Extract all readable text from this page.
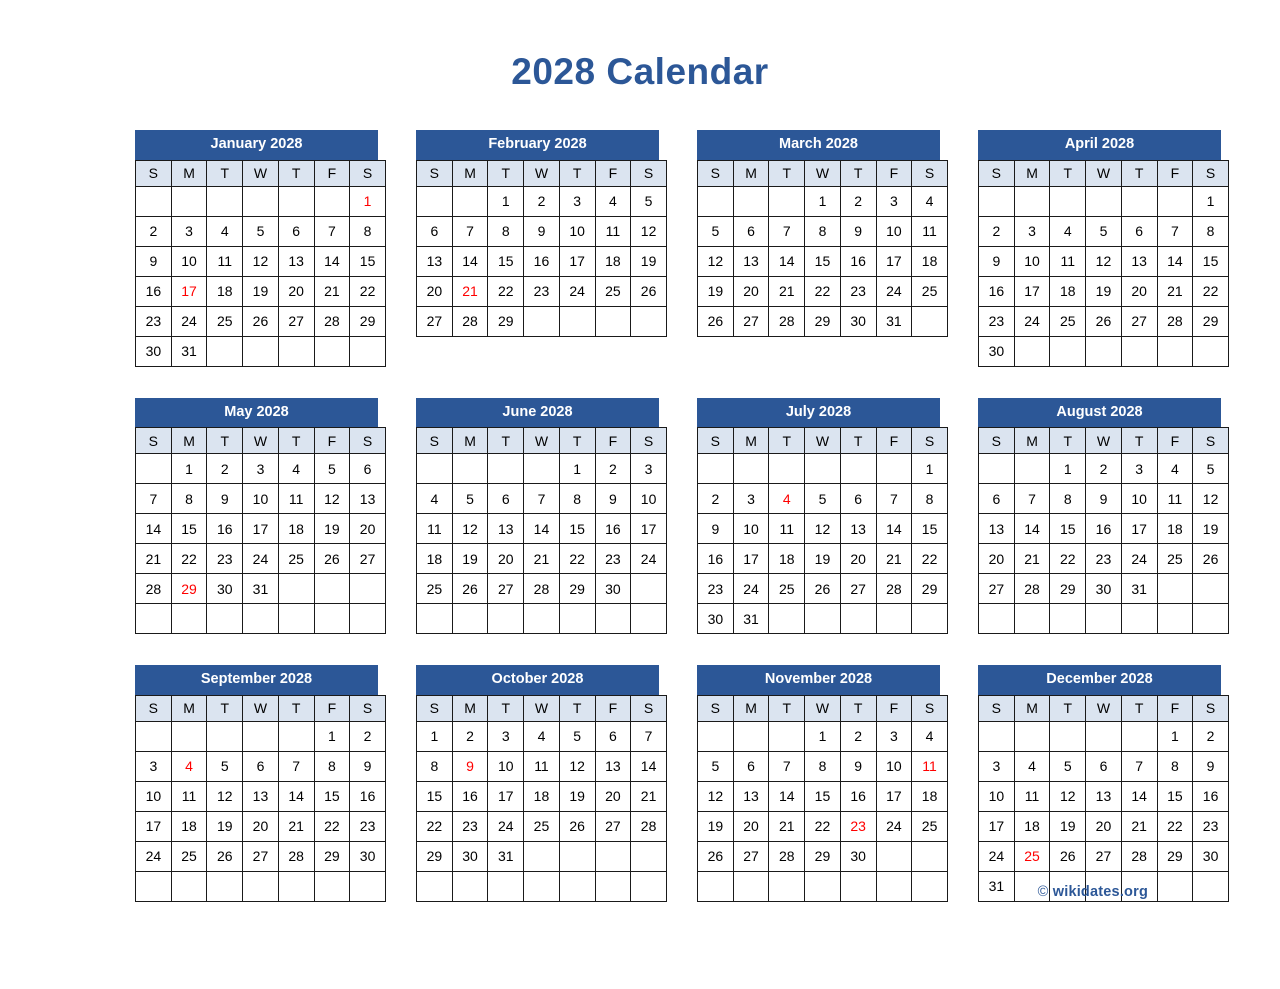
2028 Calendar
January 2028
S	M	T	W	T	F	S
						1
2	3	4	5	6	7	8
9	10	11	12	13	14	15
16	17	18	19	20	21	22
23	24	25	26	27	28	29
30	31					
February 2028
S	M	T	W	T	F	S
		1	2	3	4	5
6	7	8	9	10	11	12
13	14	15	16	17	18	19
20	21	22	23	24	25	26
27	28	29				
March 2028
S	M	T	W	T	F	S
			1	2	3	4
5	6	7	8	9	10	11
12	13	14	15	16	17	18
19	20	21	22	23	24	25
26	27	28	29	30	31	
April 2028
S	M	T	W	T	F	S
						1
2	3	4	5	6	7	8
9	10	11	12	13	14	15
16	17	18	19	20	21	22
23	24	25	26	27	28	29
30						
May 2028
S	M	T	W	T	F	S
	1	2	3	4	5	6
7	8	9	10	11	12	13
14	15	16	17	18	19	20
21	22	23	24	25	26	27
28	29	30	31			

June 2028
S	M	T	W	T	F	S
				1	2	3
4	5	6	7	8	9	10
11	12	13	14	15	16	17
18	19	20	21	22	23	24
25	26	27	28	29	30	

July 2028
S	M	T	W	T	F	S
						1
2	3	4	5	6	7	8
9	10	11	12	13	14	15
16	17	18	19	20	21	22
23	24	25	26	27	28	29
30	31					
August 2028
S	M	T	W	T	F	S
		1	2	3	4	5
6	7	8	9	10	11	12
13	14	15	16	17	18	19
20	21	22	23	24	25	26
27	28	29	30	31		

September 2028
S	M	T	W	T	F	S
					1	2
3	4	5	6	7	8	9
10	11	12	13	14	15	16
17	18	19	20	21	22	23
24	25	26	27	28	29	30

October 2028
S	M	T	W	T	F	S
1	2	3	4	5	6	7
8	9	10	11	12	13	14
15	16	17	18	19	20	21
22	23	24	25	26	27	28
29	30	31				

November 2028
S	M	T	W	T	F	S
			1	2	3	4
5	6	7	8	9	10	11
12	13	14	15	16	17	18
19	20	21	22	23	24	25
26	27	28	29	30		

December 2028
S	M	T	W	T	F	S
					1	2
3	4	5	6	7	8	9
10	11	12	13	14	15	16
17	18	19	20	21	22	23
24	25	26	27	28	29	30
31						© wikidates.org
